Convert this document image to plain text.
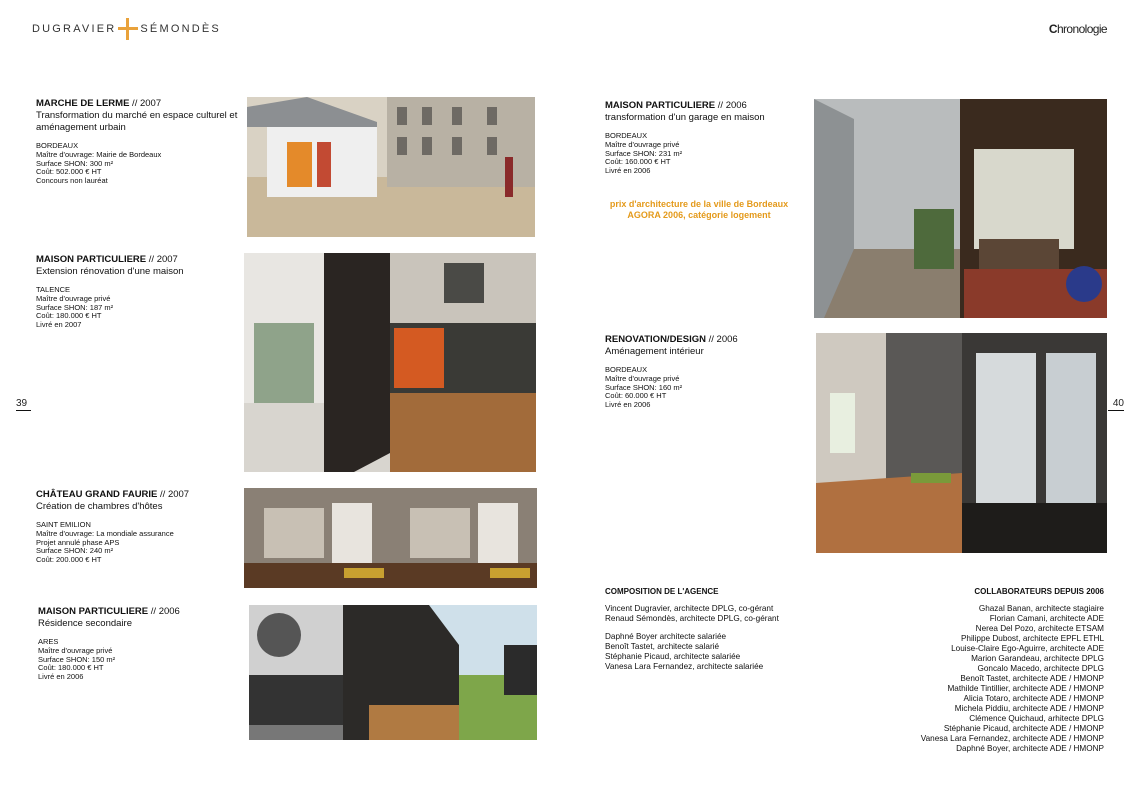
DUGRAVIER SÉMONDÈS	Chronologie
39	40
MARCHE DE LERME // 2007
Transformation du marché en espace culturel et aménagement urbain
BORDEAUX
Maître d'ouvrage: Mairie de Bordeaux
Surface SHON: 300 m²
Coût: 502.000 € HT
Concours non lauréat
MAISON PARTICULIERE // 2007
Extension rénovation d'une maison
TALENCE
Maître d'ouvrage privé
Surface SHON: 187 m²
Coût: 180.000 € HT
Livré en 2007
CHÂTEAU GRAND FAURIE // 2007
Création de chambres d'hôtes
SAINT EMILION
Maître d'ouvrage: La mondiale assurance
Projet annulé phase APS
Surface SHON: 240 m²
Coût: 200.000 € HT
MAISON PARTICULIERE // 2006
Résidence secondaire
ARES
Maître d'ouvrage privé
Surface SHON: 150 m²
Coût: 180.000 € HT
Livré en 2006
MAISON PARTICULIERE // 2006
transformation d'un garage en maison
BORDEAUX
Maître d'ouvrage privé
Surface SHON: 231 m²
Coût: 160.000 € HT
Livré en 2006
prix d'architecture de la ville de Bordeaux
AGORA 2006, catégorie logement
RENOVATION/DESIGN // 2006
Aménagement intérieur
BORDEAUX
Maître d'ouvrage privé
Surface SHON: 160 m²
Coût: 60.000 € HT
Livré en 2006
COMPOSITION DE L'AGENCE
Vincent Dugravier, architecte DPLG, co-gérant
Renaud Sémondès, architecte DPLG, co-gérant
Daphné Boyer architecte salariée
Benoît Tastet, architecte salarié
Stéphanie Picaud, architecte salariée
Vanesa Lara Fernandez, architecte salariée
COLLABORATEURS DEPUIS 2006
Ghazal Banan, architecte stagiaire
Florian Camani, architecte ADE
Nerea Del Pozo, architecte ETSAM
Philippe Dubost, architecte EPFL ETHL
Louise-Claire Ego-Aguirre, architecte ADE
Marion Garandeau, architecte DPLG
Goncalo Macedo, architecte DPLG
Benoît Tastet, architecte ADE / HMONP
Mathilde Tintillier, architecte ADE / HMONP
Alicia Totaro, architecte ADE / HMONP
Michela Piddiu, architecte ADE / HMONP
Clémence Quichaud, arhitecte DPLG
Stéphanie Picaud, architecte ADE / HMONP
Vanesa Lara Fernandez, architecte ADE / HMONP
Daphné Boyer, architecte ADE / HMONP
